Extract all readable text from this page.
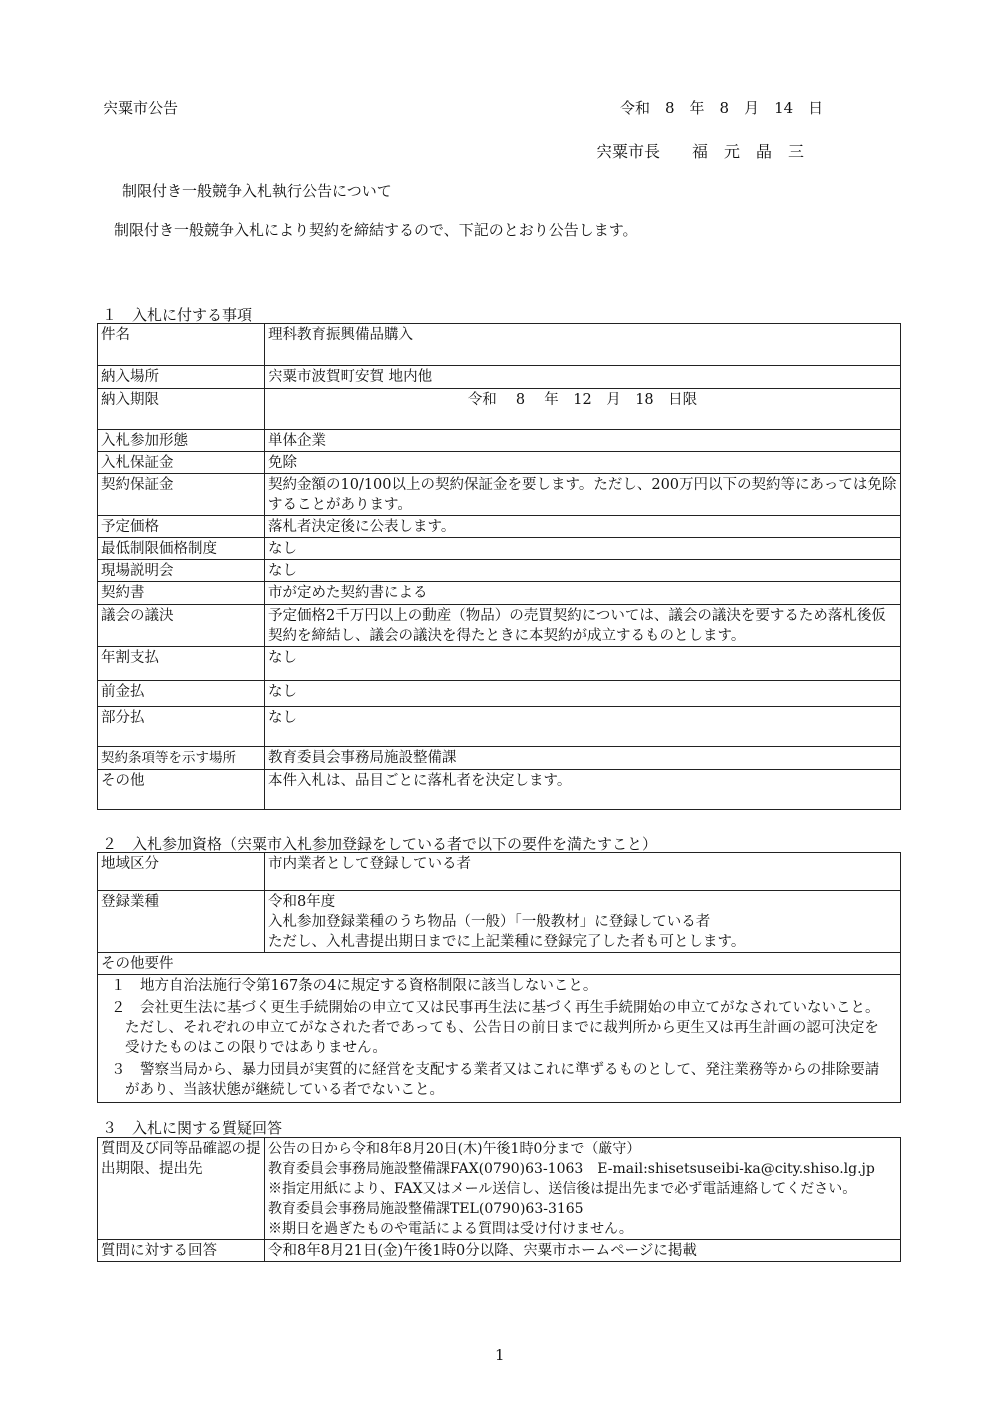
宍粟市公告	令和　8　年　8　月　14　日
宍粟市長　　福　元　晶　三
制限付き一般競争入札執行公告について
制限付き一般競争入札により契約を締結するので、下記のとおり公告します。
１　入札に付する事項
件名	理科教育振興備品購入
納入場所	宍粟市波賀町安賀 地内他
納入期限	令和　 8　 年　12　月　18　日限
入札参加形態	単体企業
入札保証金	免除
契約保証金	契約金額の10/100以上の契約保証金を要します。ただし、200万円以下の契約等にあっては免除することがあります。
予定価格	落札者決定後に公表します。
最低制限価格制度	なし
現場説明会	なし
契約書	市が定めた契約書による
議会の議決	予定価格2千万円以上の動産（物品）の売買契約については、議会の議決を要するため落札後仮契約を締結し、議会の議決を得たときに本契約が成立するものとします。
年割支払	なし
前金払	なし
部分払	なし
契約条項等を示す場所	教育委員会事務局施設整備課
その他	本件入札は、品目ごとに落札者を決定します。
２　入札参加資格（宍粟市入札参加登録をしている者で以下の要件を満たすこと）
地域区分	市内業者として登録している者
登録業種	令和8年度
入札参加登録業種のうち物品（一般）「一般教材」に登録している者
ただし、入札書提出期日までに上記業種に登録完了した者も可とします。

その他要件	

１　地方自治法施行令第167条の4に規定する資格制限に該当しないこと。
２　会社更生法に基づく更生手続開始の申立て又は民事再生法に基づく再生手続開始の申立てがなされていないこと。ただし、それぞれの申立てがなされた者であっても、公告日の前日までに裁判所から更生又は再生計画の認可決定を受けたものはこの限りではありません。
３　警察当局から、暴力団員が実質的に経営を支配する業者又はこれに準ずるものとして、発注業務等からの排除要請があり、当該状態が継続している者でないこと。	
３　入札に関する質疑回答
質問及び同等品確認の提出期限、提出先	公告の日から令和8年8月20日(木)午後1時0分まで（厳守）
教育委員会事務局施設整備課FAX(0790)63-1063　E-mail:shisetsuseibi-ka@city.shiso.lg.jp
※指定用紙により、FAX又はメール送信し、送信後は提出先まで必ず電話連絡してください。
教育委員会事務局施設整備課TEL(0790)63-3165
※期日を過ぎたものや電話による質問は受け付けません。

質問に対する回答	令和8年8月21日(金)午後1時0分以降、宍粟市ホームページに掲載
1
